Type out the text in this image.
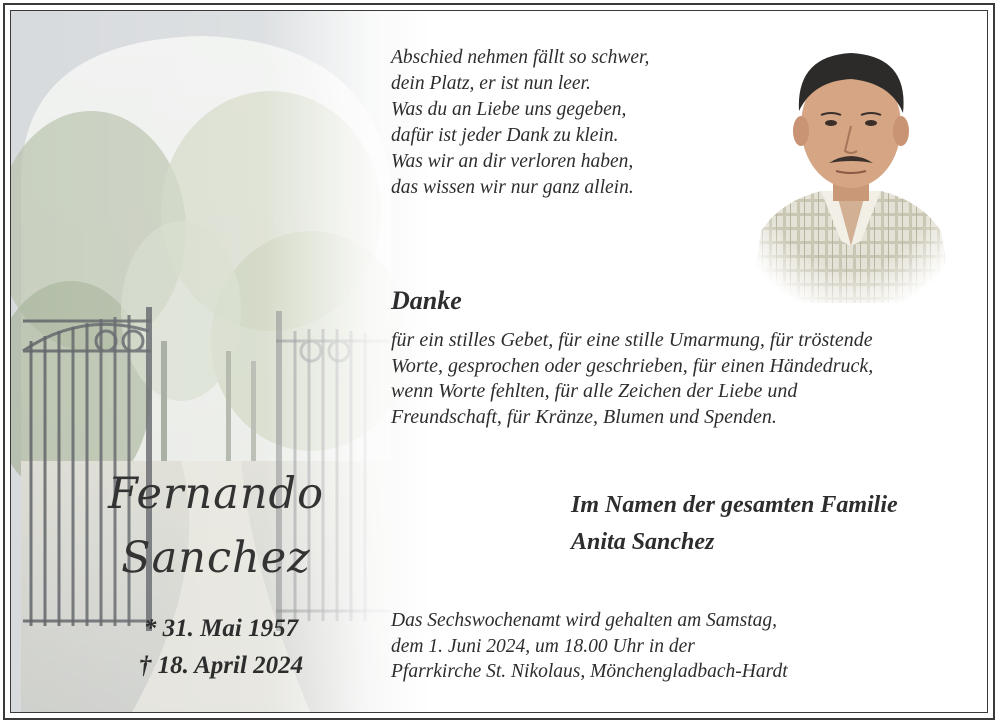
Fernando
Sanchez
* 31. Mai 1957
† 18. April 2024
Abschied nehmen fällt so schwer,
dein Platz, er ist nun leer.
Was du an Liebe uns gegeben,
dafür ist jeder Dank zu klein.
Was wir an dir verloren haben,
das wissen wir nur ganz allein.
Danke
für ein stilles Gebet, für eine stille Umarmung, für tröstende
Worte, gesprochen oder geschrieben, für einen Händedruck,
wenn Worte fehlten, für alle Zeichen der Liebe und
Freundschaft, für Kränze, Blumen und Spenden.
Im Namen der gesamten Familie
Anita Sanchez
Das Sechswochenamt wird gehalten am Samstag,
dem 1. Juni 2024, um 18.00 Uhr in der
Pfarrkirche St. Nikolaus, Mönchengladbach-Hardt
